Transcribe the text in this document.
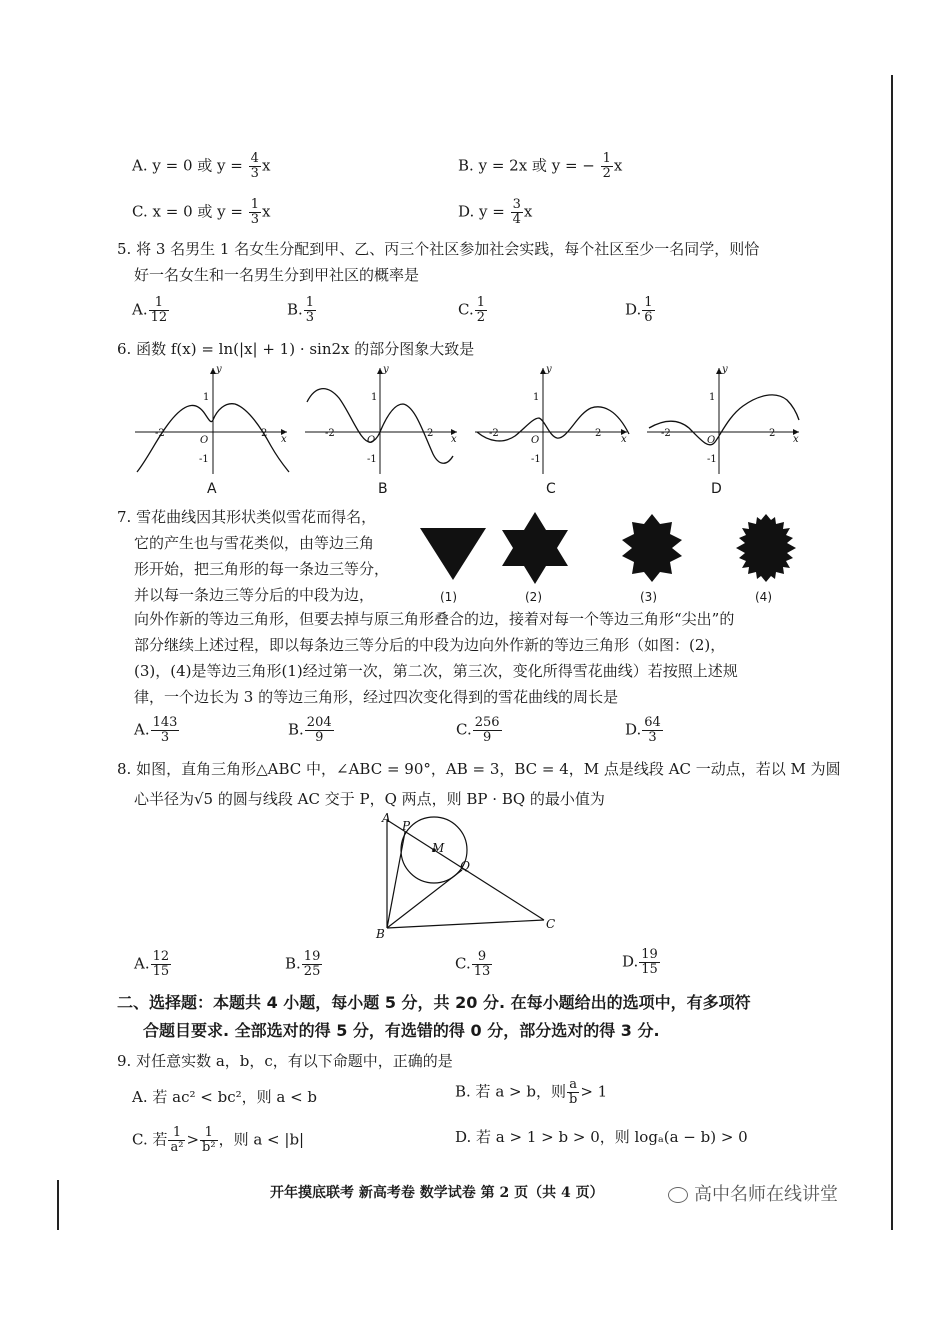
A. y = 0 或 $y = \frac{4}{3}$ x	B. y = 2x 或 y = − $\frac{1}{2}$ x
C. x = 0 或 $y = \frac{1}{3}$ x	D. $y = \frac{3}{4}$ x
5. 将 3 名男生 1 名女生分配到甲、乙、丙三个社区参加社会实践，每个社区至少一名同学，则恰
好一名女生和一名男生分到甲社区的概率是
A. $\frac{1}{12}$	B. $\frac{1}{3}$	C. $\frac{1}{2}$	D. $\frac{1}{6}$
6. 函数 f(x) = ln(|x| + 1) · sin2x 的部分图象大致是
y
1
-1
O
-2	2
x
y
1
-1
O
-2	2
x
y
1
-1
O
-2	2
x
y
1
-1
O
-2	2
x
A	B	C	D
7. 雪花曲线因其形状类似雪花而得名，
它的产生也与雪花类似，由等边三角
形开始，把三角形的每一条边三等分，
并以每一条边三等分后的中段为边，
向外作新的等边三角形，但要去掉与原三角形叠合的边，接着对每一个等边三角形“尖出”的
部分继续上述过程，即以每条边三等分后的中段为边向外作新的等边三角形（如图：(2)，
(3)，(4)是等边三角形(1)经过第一次，第二次，第三次，变化所得雪花曲线）若按照上述规
律，一个边长为 3 的等边三角形，经过四次变化得到的雪花曲线的周长是
(1)	(2)	(3)	(4)
A. $\frac{143}{3}$	B. $\frac{204}{9}$	C. $\frac{256}{9}$	D. $\frac{64}{3}$
8. 如图，直角三角形△ABC 中，∠ABC = 90°，AB = 3，BC = 4，M 点是线段 AC 一动点，若以 M 为圆
心半径为√5 的圆与线段 AC 交于 P，Q 两点，则 BP · BQ 的最小值为
A
P
M
Q
B
C
A. $\frac{12}{15}$	B. $\frac{19}{25}$	C. $\frac{9}{13}$	D. $\frac{19}{15}$
二、选择题：本题共 4 小题，每小题 5 分，共 20 分. 在每小题给出的选项中，有多项符
合题目要求. 全部选对的得 5 分，有选错的得 0 分，部分选对的得 3 分.
9. 对任意实数 a，b，c，有以下命题中，正确的是
A. 若 ac² < bc²，则 a < b	B. 若 a > b，则 $\frac{a}{b} > 1$
C. 若 $\frac{1}{\text{a²}} > \frac{1}{\text{b²}}$ ，则 a < |b|	D. 若 a > 1 > b > 0，则 logₐ(a − b) > 0
开年摸底联考 新高考卷 数学试卷 第 2 页（共 4 页）	高中名师在线讲堂
